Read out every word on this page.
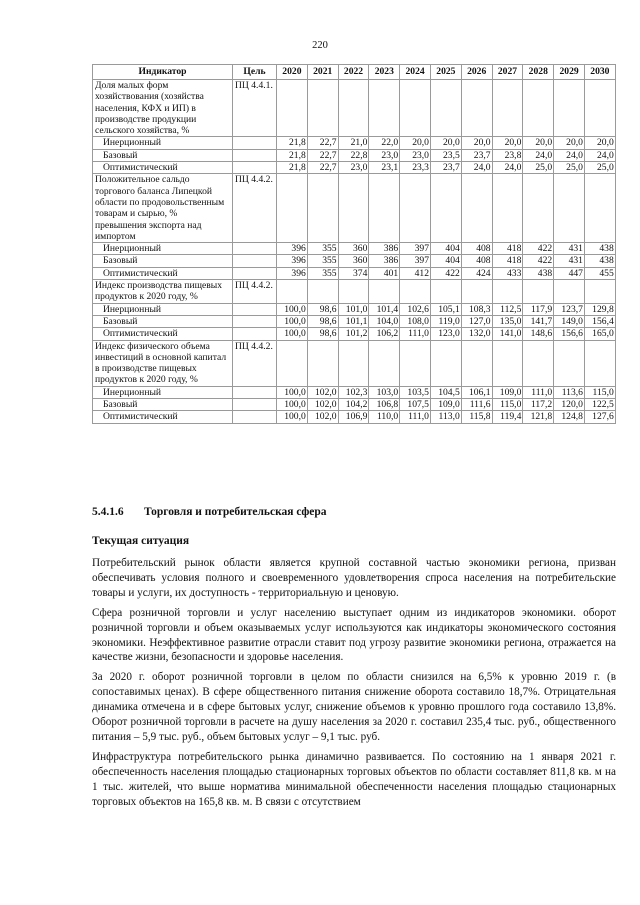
220
Индикатор	Цель	2020	2021	2022	2023	2024	2025	2026	2027	2028	2029	2030
Доля малых форм хозяйствования (хозяйства населения, КФХ и ИП) в производстве продукции сельского хозяйства, %	ПЦ 4.4.1.											
Инерционный		21,8	22,7	21,0	22,0	20,0	20,0	20,0	20,0	20,0	20,0	20,0
Базовый		21,8	22,7	22,8	23,0	23,0	23,5	23,7	23,8	24,0	24,0	24,0
Оптимистический		21,8	22,7	23,0	23,1	23,3	23,7	24,0	24,0	25,0	25,0	25,0
Положительное сальдо торгового баланса Липецкой области по продовольственным товарам и сырью, % превышения экспорта над импортом	ПЦ 4.4.2.											
Инерционный		396	355	360	386	397	404	408	418	422	431	438
Базовый		396	355	360	386	397	404	408	418	422	431	438
Оптимистический		396	355	374	401	412	422	424	433	438	447	455
Индекс производства пищевых продуктов к 2020 году, %	ПЦ 4.4.2.											
Инерционный		100,0	98,6	101,0	101,4	102,6	105,1	108,3	112,5	117,9	123,7	129,8
Базовый		100,0	98,6	101,1	104,0	108,0	119,0	127,0	135,0	141,7	149,0	156,4
Оптимистический		100,0	98,6	101,2	106,2	111,0	123,0	132,0	141,0	148,6	156,6	165,0
Индекс физического объема инвестиций в основной капитал в производстве пищевых продуктов к 2020 году, %	ПЦ 4.4.2.											
Инерционный		100,0	102,0	102,3	103,0	103,5	104,5	106,1	109,0	111,0	113,6	115,0
Базовый		100,0	102,0	104,2	106,8	107,5	109,0	111,6	115,0	117,2	120,0	122,5
Оптимистический		100,0	102,0	106,9	110,0	111,0	113,0	115,8	119,4	121,8	124,8	127,6
5.4.1.6 Торговля и потребительская сфера
Текущая ситуация

Потребительский рынок области является крупной составной частью экономики региона, призван обеспечивать условия полного и своевременного удовлетворения спроса населения на потребительские товары и услуги, их доступность - территориальную и ценовую.

Сфера розничной торговли и услуг населению выступает одним из индикаторов экономики. оборот розничной торговли и объем оказываемых услуг используются как индикаторы экономического состояния экономики. Неэффективное развитие отрасли ставит под угрозу развитие экономики региона, отражается на качестве жизни, безопасности и здоровье населения.

За 2020 г. оборот розничной торговли в целом по области снизился на 6,5% к уровню 2019 г. (в сопоставимых ценах). В сфере общественного питания снижение оборота составило 18,7%. Отрицательная динамика отмечена и в сфере бытовых услуг, снижение объемов к уровню прошлого года составило 13,8%. Оборот розничной торговли в расчете на душу населения за 2020 г. составил 235,4 тыс. руб., общественного питания – 5,9 тыс. руб., объем бытовых услуг – 9,1 тыс. руб.

Инфраструктура потребительского рынка динамично развивается. По состоянию на 1 января 2021 г. обеспеченность населения площадью стационарных торговых объектов по области составляет 811,8 кв. м на 1 тыс. жителей, что выше норматива минимальной обеспеченности населения площадью стационарных торговых объектов на 165,8 кв. м. В связи с отсутствием
